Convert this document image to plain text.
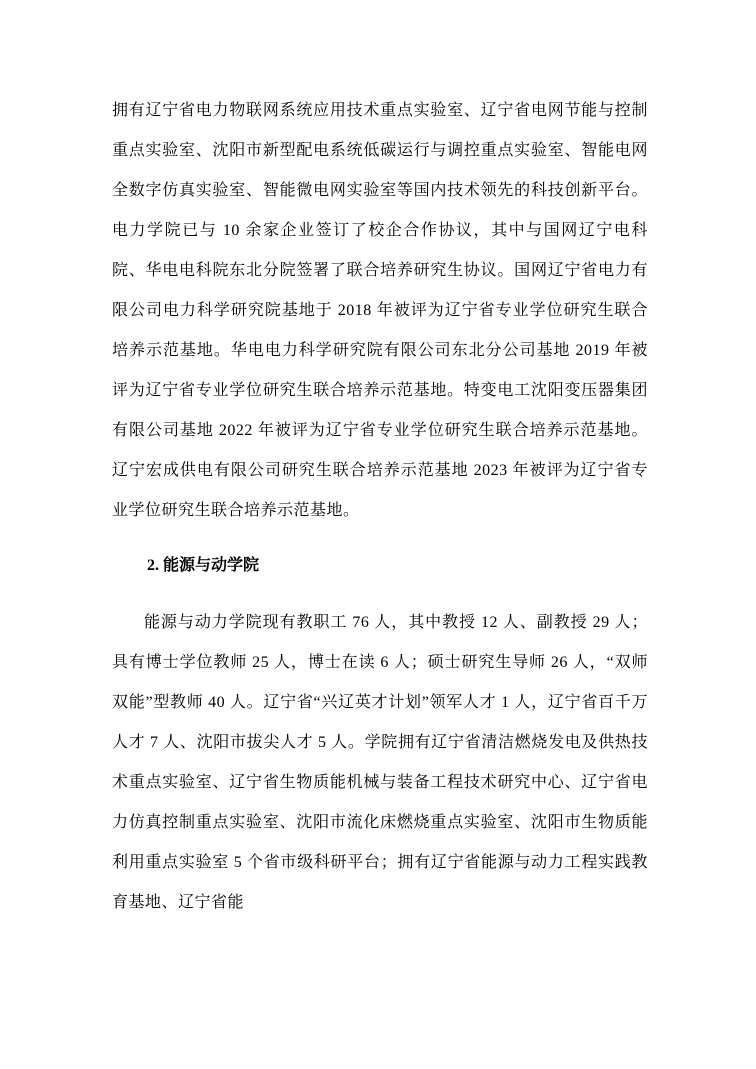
拥有辽宁省电力物联网系统应用技术重点实验室、辽宁省电网节能与控制重点实验室、沈阳市新型配电系统低碳运行与调控重点实验室、智能电网全数字仿真实验室、智能微电网实验室等国内技术领先的科技创新平台。电力学院已与 10 余家企业签订了校企合作协议，其中与国网辽宁电科院、华电电科院东北分院签署了联合培养研究生协议。国网辽宁省电力有限公司电力科学研究院基地于 2018 年被评为辽宁省专业学位研究生联合培养示范基地。华电电力科学研究院有限公司东北分公司基地 2019 年被评为辽宁省专业学位研究生联合培养示范基地。特变电工沈阳变压器集团有限公司基地 2022 年被评为辽宁省专业学位研究生联合培养示范基地。辽宁宏成供电有限公司研究生联合培养示范基地 2023 年被评为辽宁省专业学位研究生联合培养示范基地。

2. 能源与动学院

能源与动力学院现有教职工 76 人，其中教授 12 人、副教授 29 人；具有博士学位教师 25 人，博士在读 6 人；硕士研究生导师 26 人，“双师双能”型教师 40 人。辽宁省“兴辽英才计划”领军人才 1 人，辽宁省百千万人才 7 人、沈阳市拔尖人才 5 人。学院拥有辽宁省清洁燃烧发电及供热技术重点实验室、辽宁省生物质能机械与装备工程技术研究中心、辽宁省电力仿真控制重点实验室、沈阳市流化床燃烧重点实验室、沈阳市生物质能利用重点实验室 5 个省市级科研平台；拥有辽宁省能源与动力工程实践教育基地、辽宁省能
